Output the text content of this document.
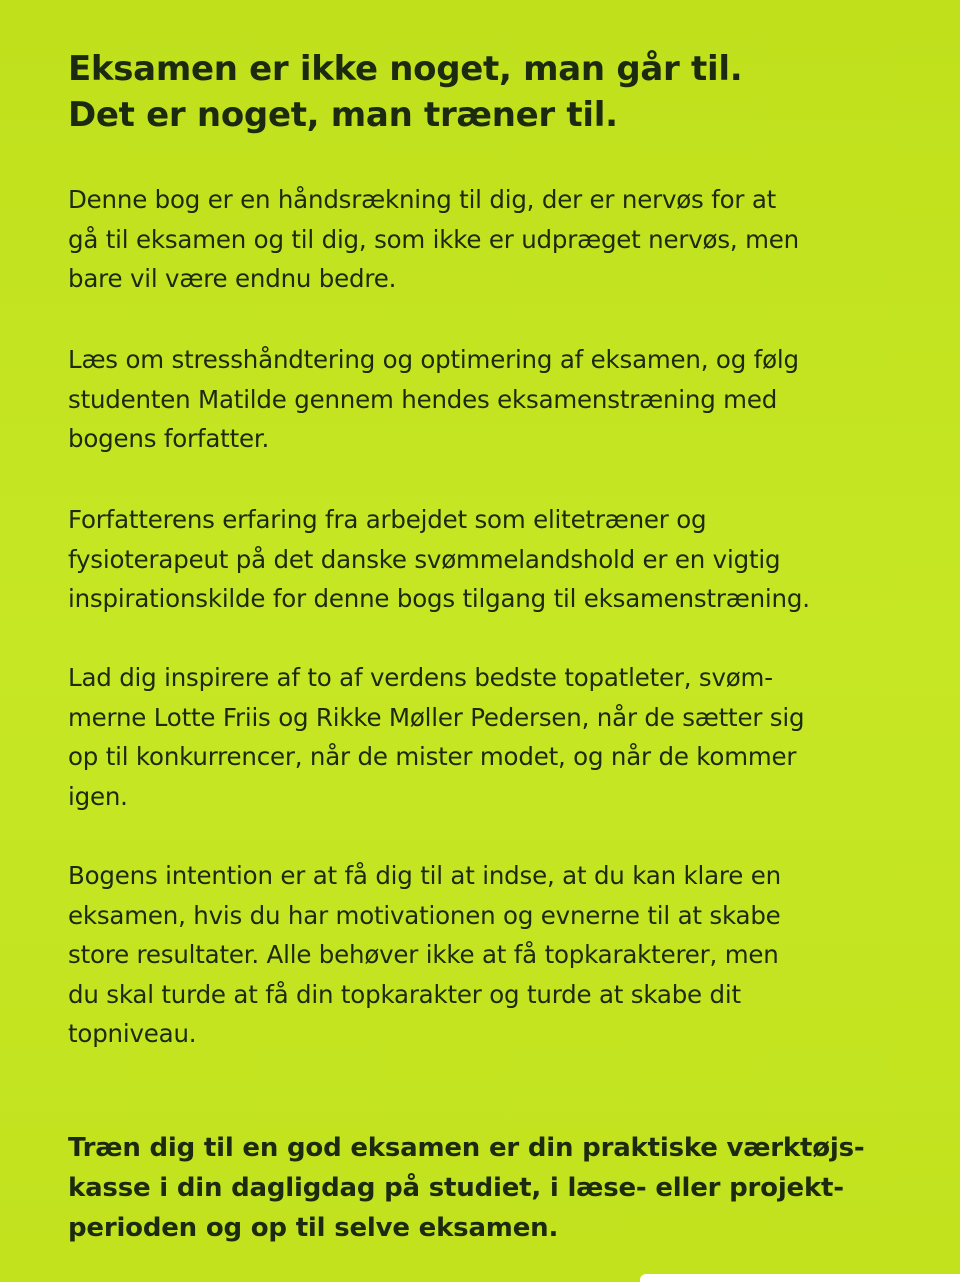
Eksamen er ikke noget, man går til.
Det er noget, man træner til.

Denne bog er en håndsrækning til dig, der er nervøs for at
gå til eksamen og til dig, som ikke er udpræget nervøs, men
bare vil være endnu bedre.

Læs om stresshåndtering og optimering af eksamen, og følg
studenten Matilde gennem hendes eksamenstræning med
bogens forfatter.

Forfatterens erfaring fra arbejdet som elitetræner og
fysioterapeut på det danske svømmelandshold er en vigtig
inspirationskilde for denne bogs tilgang til eksamenstræning.

Lad dig inspirere af to af verdens bedste topatleter, svøm-
merne Lotte Friis og Rikke Møller Pedersen, når de sætter sig
op til konkurrencer, når de mister modet, og når de kommer
igen.

Bogens intention er at få dig til at indse, at du kan klare en
eksamen, hvis du har motivationen og evnerne til at skabe
store resultater. Alle behøver ikke at få topkarakterer, men
du skal turde at få din topkarakter og turde at skabe dit
topniveau.

Træn dig til en god eksamen er din praktiske værktøjs-
kasse i din dagligdag på studiet, i læse- eller projekt-
perioden og op til selve eksamen.
